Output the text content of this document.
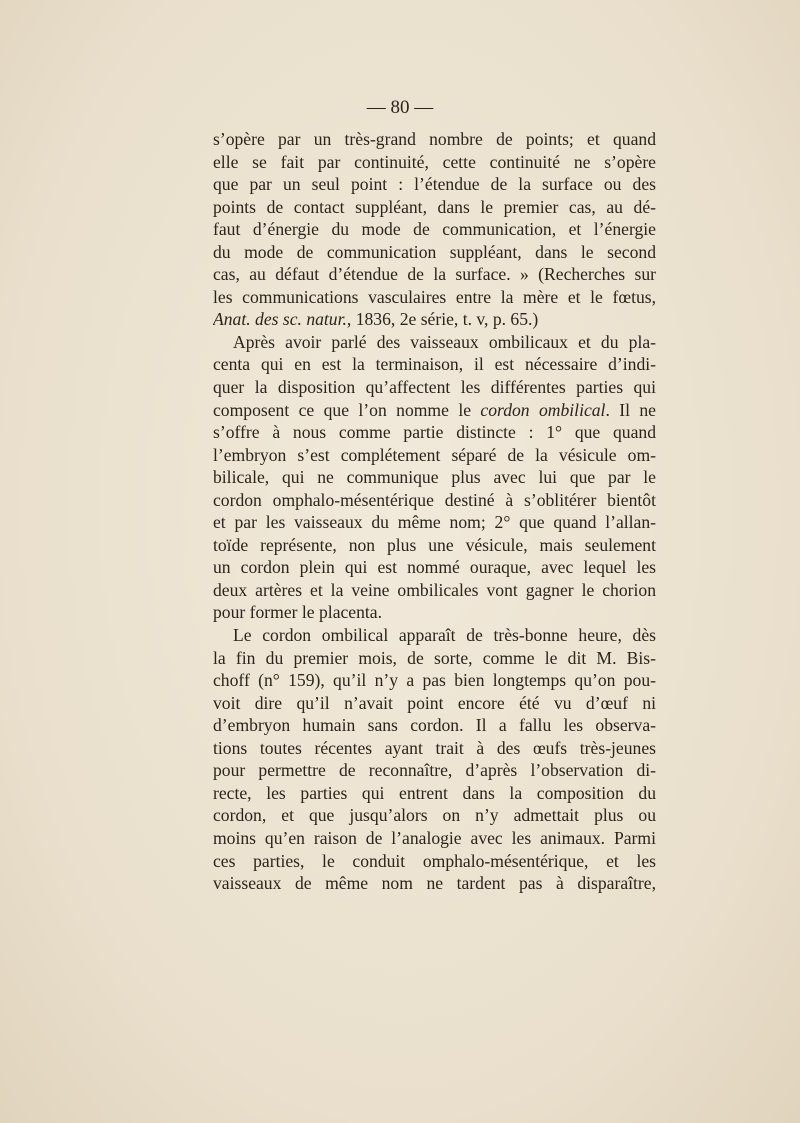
— 80 —
s’opère par un très-grand nombre de points; et quand
elle se fait par continuité, cette continuité ne s’opère
que par un seul point : l’étendue de la surface ou des
points de contact suppléant, dans le premier cas, au dé-
faut d’énergie du mode de communication, et l’énergie
du mode de communication suppléant, dans le second
cas, au défaut d’étendue de la surface. » (Recherches sur
les communications vasculaires entre la mère et le fœtus,
Anat. des sc. natur., 1836, 2e série, t. v, p. 65.)
Après avoir parlé des vaisseaux ombilicaux et du pla-
centa qui en est la terminaison, il est nécessaire d’indi-
quer la disposition qu’affectent les différentes parties qui
composent ce que l’on nomme le cordon ombilical. Il ne
s’offre à nous comme partie distincte : 1° que quand
l’embryon s’est complétement séparé de la vésicule om-
bilicale, qui ne communique plus avec lui que par le
cordon omphalo-mésentérique destiné à s’oblitérer bientôt
et par les vaisseaux du même nom; 2° que quand l’allan-
toïde représente, non plus une vésicule, mais seulement
un cordon plein qui est nommé ouraque, avec lequel les
deux artères et la veine ombilicales vont gagner le chorion
pour former le placenta.
Le cordon ombilical apparaît de très-bonne heure, dès
la fin du premier mois, de sorte, comme le dit M. Bis-
choff (n° 159), qu’il n’y a pas bien longtemps qu’on pou-
voit dire qu’il n’avait point encore été vu d’œuf ni
d’embryon humain sans cordon. Il a fallu les observa-
tions toutes récentes ayant trait à des œufs très-jeunes
pour permettre de reconnaître, d’après l’observation di-
recte, les parties qui entrent dans la composition du
cordon, et que jusqu’alors on n’y admettait plus ou
moins qu’en raison de l’analogie avec les animaux. Parmi
ces parties, le conduit omphalo-mésentérique, et les
vaisseaux de même nom ne tardent pas à disparaître,
